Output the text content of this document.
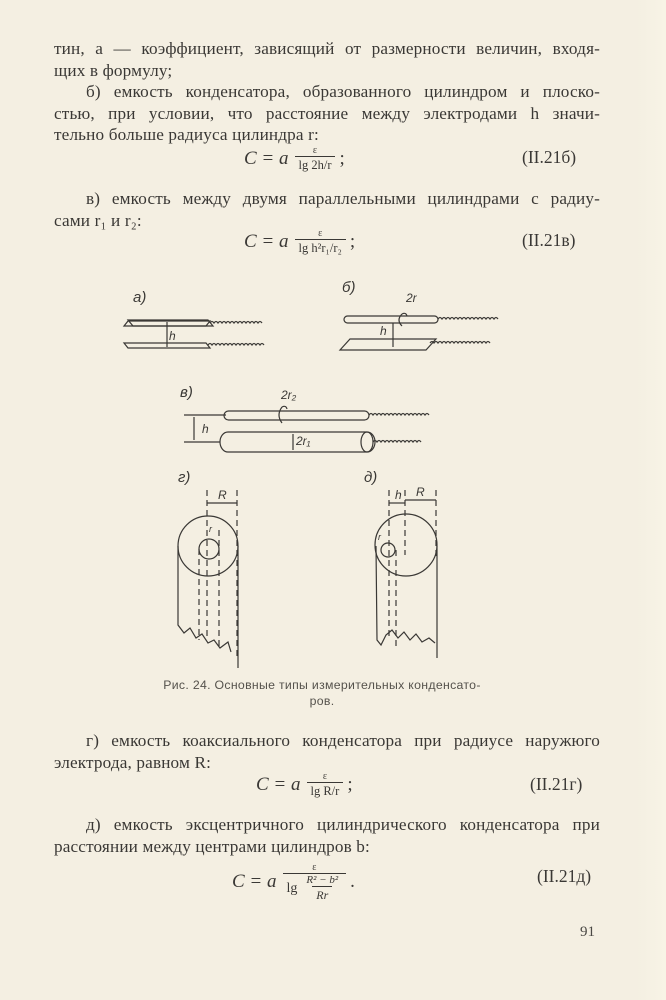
тин, a — коэффициент, зависящий от размерности величин, входя-
щих в формулу;
б) емкость конденсатора, образованного цилиндром и плоско-
стью, при условии, что расстояние между электродами h значи-
тельно больше радиуса цилиндра r:
C = a $\frac{\varepsilon}{\lg 2h/r}$ ;	(II.21б)
в) емкость между двумя параллельными цилиндрами с радиу-
сами r₁ и r₂:
C = a $\frac{\varepsilon}{\text{lg h²r₁/r₂}}$ ;	(II.21в)
а)
h
б)
2r
h
в)	2r₂
h
2r₁
г)
R
r
д)
h R
r
Рис. 24. Основные типы измерительных конденсато-
ров.
г) емкость коаксиального конденсатора при радиусе наружюго
электрода, равном R:
C = a $\frac{\varepsilon}{\text{lg R/r}}$ ;	(II.21г)
д) емкость эксцентричного цилиндрического конденсатора при
расстоянии между центрами цилиндров b:
C = a $\frac{\varepsilon}{\lg \frac{\text{R² − b²}}{Rr}}$ .	(II.21д)
91
